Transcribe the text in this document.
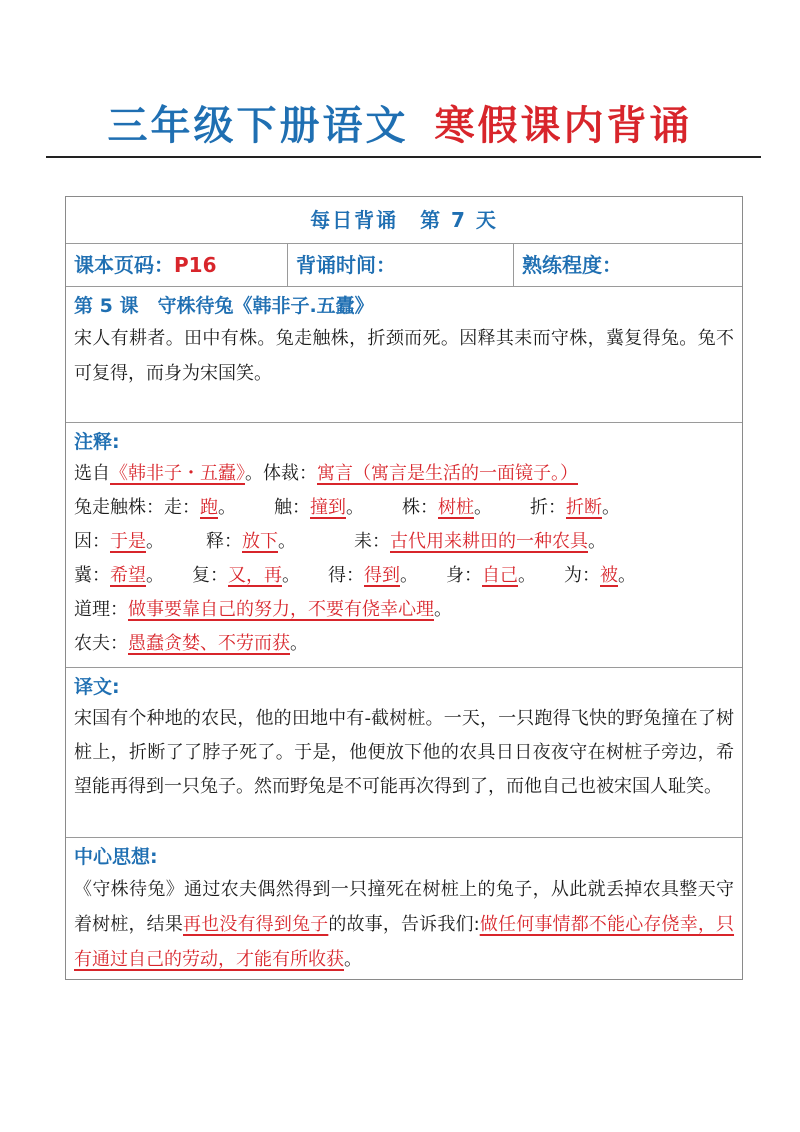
三年级下册语文 寒假课内背诵
每日背诵　第 7 天
课本页码：P16	背诵时间：	熟练程度：
第 5 课　守株待兔《韩非子.五蠹》
宋人有耕者。田中有株。兔走触株，折颈而死。因释其耒而守株，冀复得兔。兔不可复得，而身为宋国笑。
注释:
选自《韩非子・五蠹》。体裁：寓言（寓言是生活的一面镜子。）
兔走触株：走：跑。 触：撞到。 株：树桩。 折：折断。
因：于是。 释：放下。	耒：古代用来耕田的一种农具。
冀：希望。 复：又，再。 得：得到。 身：自己。 为：被。
道理：做事要靠自己的努力，不要有侥幸心理。
农夫：愚蠢贪婪、不劳而获。
译文:
宋国有个种地的农民，他的田地中有-截树桩。一天，一只跑得飞快的野兔撞在了树桩上，折断了了脖子死了。于是，他便放下他的农具日日夜夜守在树桩子旁边，希望能再得到一只兔子。然而野兔是不可能再次得到了，而他自己也被宋国人耻笑。
中心思想:
《守株待兔》通过农夫偶然得到一只撞死在树桩上的兔子，从此就丢掉农具整天守着树桩，结果再也没有得到兔子的故事，告诉我们:做任何事情都不能心存侥幸，只有通过自己的劳动，才能有所收获。
